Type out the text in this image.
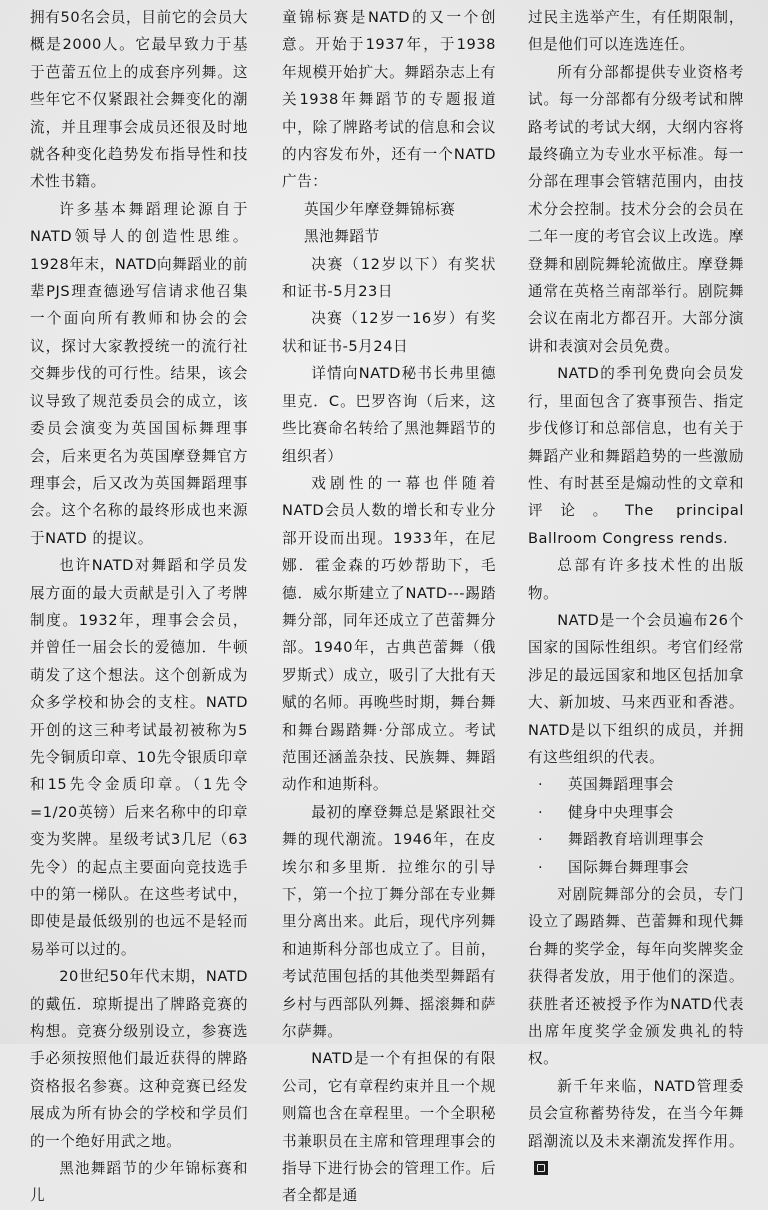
拥有50名会员，目前它的会员大概是2000人。它最早致力于基于芭蕾五位上的成套序列舞。这些年它不仅紧跟社会舞变化的潮流，并且理事会成员还很及时地就各种变化趋势发布指导性和技术性书籍。

许多基本舞蹈理论源自于NATD领导人的创造性思维。1928年末，NATD向舞蹈业的前辈PJS理查德逊写信请求他召集一个面向所有教师和协会的会议，探讨大家教授统一的流行社交舞步伐的可行性。结果，该会议导致了规范委员会的成立，该委员会演变为英国国标舞理事会，后来更名为英国摩登舞官方理事会，后又改为英国舞蹈理事会。这个名称的最终形成也来源于NATD 的提议。

也许NATD对舞蹈和学员发展方面的最大贡献是引入了考牌制度。1932年，理事会会员，并曾任一届会长的爱德加．牛顿萌发了这个想法。这个创新成为众多学校和协会的支柱。NATD开创的这三种考试最初被称为5先令铜质印章、10先令银质印章和15先令金质印章。（1先令=1/20英镑）后来名称中的印章变为奖牌。星级考试3几尼（63先令）的起点主要面向竞技选手中的第一梯队。在这些考试中，即使是最低级别的也远不是轻而易举可以过的。

20世纪50年代末期，NATD的戴伍．琼斯提出了牌路竞赛的构想。竞赛分级别设立，参赛选手必须按照他们最近获得的牌路资格报名参赛。这种竞赛已经发展成为所有协会的学校和学员们的一个绝好用武之地。

黑池舞蹈节的少年锦标赛和儿

童锦标赛是NATD的又一个创意。开始于1937年，于1938年规模开始扩大。舞蹈杂志上有关1938年舞蹈节的专题报道中，除了牌路考试的信息和会议的内容发布外，还有一个NATD广告：

英国少年摩登舞锦标赛

黑池舞蹈节

决赛（12岁以下）有奖状和证书-5月23日

决赛（12岁一16岁）有奖状和证书-5月24日

详情向NATD秘书长弗里德里克．C。巴罗咨询（后来，这些比赛命名转给了黑池舞蹈节的组织者）

戏剧性的一幕也伴随着NATD会员人数的增长和专业分部开设而出现。1933年，在尼娜．霍金森的巧妙帮助下，毛德．威尔斯建立了NATD---踢踏舞分部，同年还成立了芭蕾舞分部。1940年，古典芭蕾舞（俄罗斯式）成立，吸引了大批有天赋的名师。再晚些时期，舞台舞和舞台踢踏舞·分部成立。考试范围还涵盖杂技、民族舞、舞蹈动作和迪斯科。

最初的摩登舞总是紧跟社交舞的现代潮流。1946年，在皮埃尔和多里斯．拉维尔的引导下，第一个拉丁舞分部在专业舞里分离出来。此后，现代序列舞和迪斯科分部也成立了。目前，考试范围包括的其他类型舞蹈有乡村与西部队列舞、摇滚舞和萨尔萨舞。

NATD是一个有担保的有限公司，它有章程约束并且一个规则篇也含在章程里。一个全职秘书兼职员在主席和管理理事会的指导下进行协会的管理工作。后者全都是通

过民主选举产生，有任期限制，但是他们可以连选连任。

所有分部都提供专业资格考试。每一分部都有分级考试和牌路考试的考试大纲，大纲内容将最终确立为专业水平标准。每一分部在理事会管辖范围内，由技术分会控制。技术分会的会员在二年一度的考官会议上改选。摩登舞和剧院舞轮流做庄。摩登舞通常在英格兰南部举行。剧院舞会议在南北方都召开。大部分演讲和表演对会员免费。

NATD的季刊免费向会员发行，里面包含了赛事预告、指定步伐修订和总部信息，也有关于舞蹈产业和舞蹈趋势的一些激励性、有时甚至是煽动性的文章和评论。The principal Ballroom Congress rends.

总部有许多技术性的出版物。

NATD是一个会员遍布26个国家的国际性组织。考官们经常涉足的最远国家和地区包括加拿大、新加坡、马来西亚和香港。NATD是以下组织的成员，并拥有这些组织的代表。

· 英国舞蹈理事会
· 健身中央理事会
· 舞蹈教育培训理事会
· 国际舞台舞理事会

对剧院舞部分的会员，专门设立了踢踏舞、芭蕾舞和现代舞台舞的奖学金，每年向奖牌奖金获得者发放，用于他们的深造。获胜者还被授予作为NATD代表出席年度奖学金颁发典礼的特权。

新千年来临，NATD管理委员会宣称蓄势待发，在当今年舞蹈潮流以及未来潮流发挥作用。
